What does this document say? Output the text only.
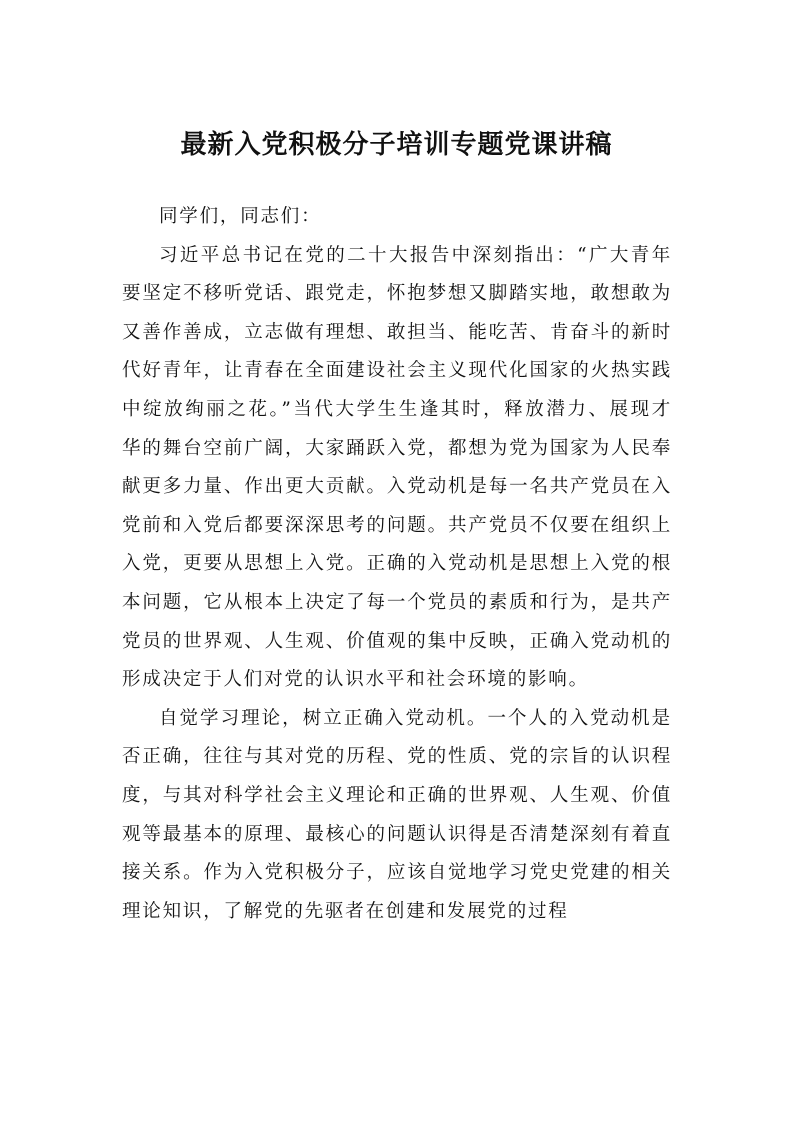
最新入党积极分子培训专题党课讲稿

同学们，同志们：

习近平总书记在党的二十大报告中深刻指出：“广大青年要坚定不移听党话、跟党走，怀抱梦想又脚踏实地，敢想敢为又善作善成，立志做有理想、敢担当、能吃苦、肯奋斗的新时代好青年，让青春在全面建设社会主义现代化国家的火热实践中绽放绚丽之花。”当代大学生生逢其时，释放潜力、展现才华的舞台空前广阔，大家踊跃入党，都想为党为国家为人民奉献更多力量、作出更大贡献。入党动机是每一名共产党员在入党前和入党后都要深深思考的问题。共产党员不仅要在组织上入党，更要从思想上入党。正确的入党动机是思想上入党的根本问题，它从根本上决定了每一个党员的素质和行为，是共产党员的世界观、人生观、价值观的集中反映，正确入党动机的形成决定于人们对党的认识水平和社会环境的影响。

自觉学习理论，树立正确入党动机。一个人的入党动机是否正确，往往与其对党的历程、党的性质、党的宗旨的认识程度，与其对科学社会主义理论和正确的世界观、人生观、价值观等最基本的原理、最核心的问题认识得是否清楚深刻有着直接关系。作为入党积极分子，应该自觉地学习党史党建的相关理论知识，了解党的先驱者在创建和发展党的过程
